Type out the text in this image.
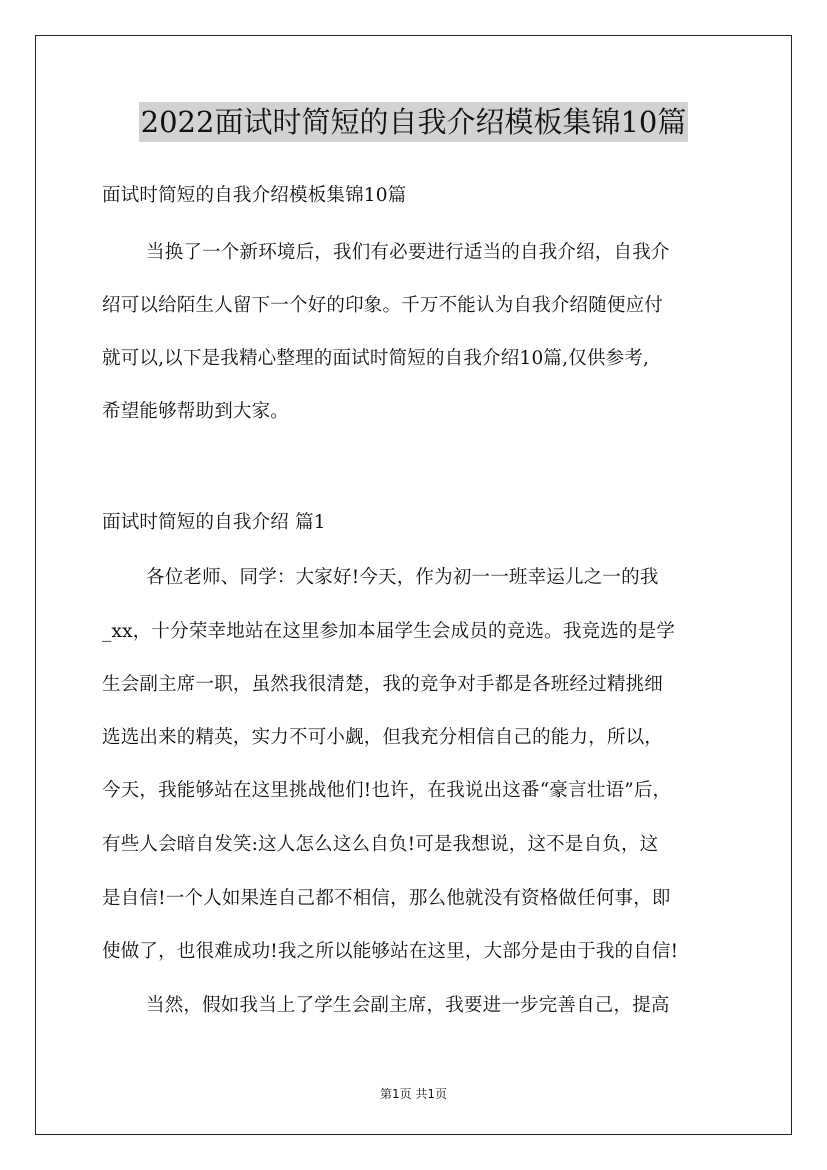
2022面试时简短的自我介绍模板集锦10篇
面试时简短的自我介绍模板集锦10篇
当换了一个新环境后，我们有必要进行适当的自我介绍，自我介
绍可以给陌生人留下一个好的印象。千万不能认为自我介绍随便应付
就可以,以下是我精心整理的面试时简短的自我介绍10篇,仅供参考,
希望能够帮助到大家。
面试时简短的自我介绍 篇1
各位老师、同学：大家好!今天，作为初一一班幸运儿之一的我
_xx，十分荣幸地站在这里参加本届学生会成员的竞选。我竞选的是学
生会副主席一职，虽然我很清楚，我的竞争对手都是各班经过精挑细
选选出来的精英，实力不可小觑，但我充分相信自己的能力，所以，
今天，我能够站在这里挑战他们!也许，在我说出这番“豪言壮语”后，
有些人会暗自发笑:这人怎么这么自负!可是我想说，这不是自负，这
是自信!一个人如果连自己都不相信，那么他就没有资格做任何事，即
使做了，也很难成功!我之所以能够站在这里，大部分是由于我的自信!
当然，假如我当上了学生会副主席，我要进一步完善自己，提高
第1页 共1页
